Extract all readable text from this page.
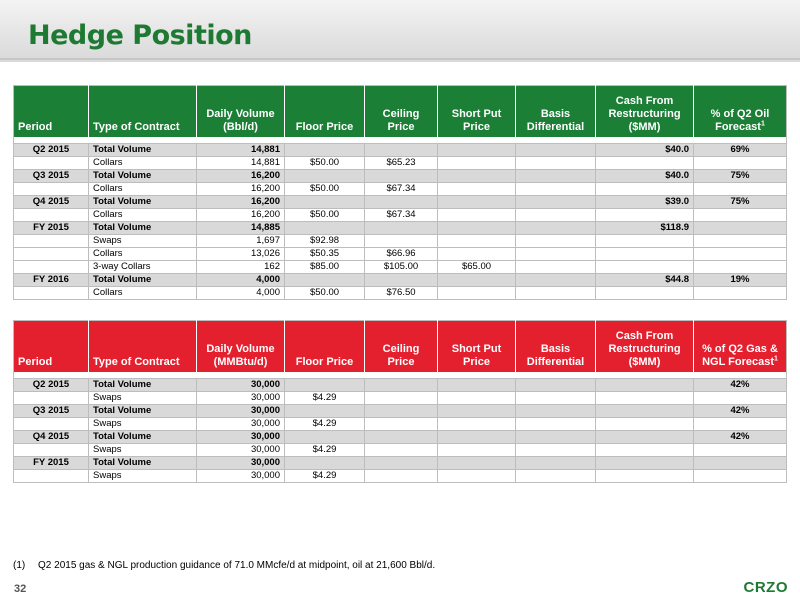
Hedge Position
Period	Type of Contract	Daily Volume (Bbl/d)	Floor Price	Ceiling Price	Short Put Price	Basis Differential	Cash From Restructuring ($MM)	% of Q2 Oil Forecast$^1$

Q2 2015	Total Volume	14,881					$40.0	69%
	Collars	14,881	$50.00	$65.23				
Q3 2015	Total Volume	16,200					$40.0	75%
	Collars	16,200	$50.00	$67.34				
Q4 2015	Total Volume	16,200					$39.0	75%
	Collars	16,200	$50.00	$67.34				
FY 2015	Total Volume	14,885					$118.9	
	Swaps	1,697	$92.98					
	Collars	13,026	$50.35	$66.96				
	3-way Collars	162	$85.00	$105.00	$65.00			
FY 2016	Total Volume	4,000					$44.8	19%
	Collars	4,000	$50.00	$76.50				
Period	Type of Contract	Daily Volume (MMBtu/d)	Floor Price	Ceiling Price	Short Put Price	Basis Differential	Cash From Restructuring ($MM)	% of Q2 Gas & NGL Forecast$^1$

Q2 2015	Total Volume	30,000						42%
	Swaps	30,000	$4.29					
Q3 2015	Total Volume	30,000						42%
	Swaps	30,000	$4.29					
Q4 2015	Total Volume	30,000						42%
	Swaps	30,000	$4.29					
FY 2015	Total Volume	30,000						
	Swaps	30,000	$4.29					
(1) Q2 2015 gas & NGL production guidance of 71.0 MMcfe/d at midpoint, oil at 21,600 Bbl/d.
32	CRZO
